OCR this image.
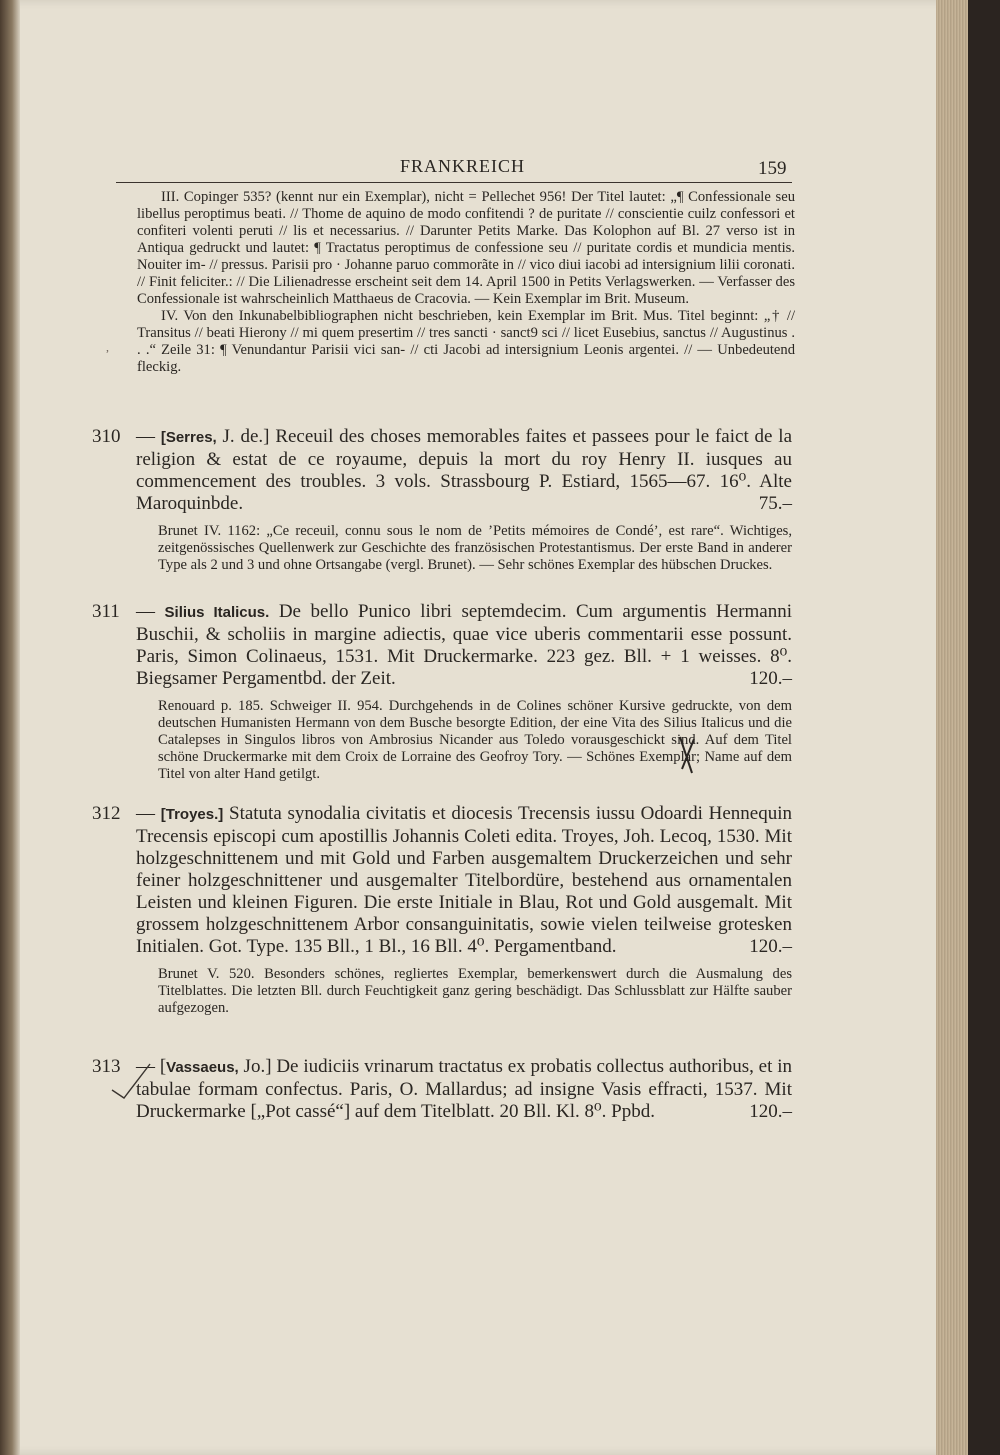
FRANKREICH	159

III. Copinger 535? (kennt nur ein Exemplar), nicht = Pellechet 956! Der Titel lautet: „¶ Confessionale seu libellus peroptimus beati. // Thome de aquino de modo confitendi ? de puritate // conscientie cuilz confessori et confiteri volenti peruti // lis et necessarius. // Darunter Petits Marke. Das Kolophon auf Bl. 27 verso ist in Antiqua gedruckt und lautet: ¶ Tractatus peroptimus de confessione seu // puritate cordis et mundicia mentis. Nouiter im- // pressus. Parisii pro · Johanne paruo commorãte in // vico diui iacobi ad intersignium lilii coronati. // Finit feliciter.: // Die Lilienadresse erscheint seit dem 14. April 1500 in Petits Verlagswerken. — Verfasser des Confessionale ist wahrscheinlich Matthaeus de Cracovia. — Kein Exemplar im Brit. Museum.

IV. Von den Inkunabelbibliographen nicht beschrieben, kein Exemplar im Brit. Mus. Titel beginnt: „† // Transitus // beati Hierony // mi quem presertim // tres sancti · sanct9 sci // licet Eusebius, sanctus // Augustinus . . .“ Zeile 31: ¶ Venundantur Parisii vici san- // cti Jacobi ad intersignium Leonis argentei. // — Unbedeutend fleckig.

,
310 — [Serres, J. de.] Receuil des choses memorables faites et passees pour le faict de la religion & estat de ce royaume, depuis la mort du roy Henry II. iusques au commencement des troubles. 3 vols. Strassbourg P. Estiard, 1565—67. 16⁰. Alte Maroquinbde.	75.–
Brunet IV. 1162: „Ce receuil, connu sous le nom de ’Petits mémoires de Condé’, est rare“. Wichtiges, zeitgenössisches Quellenwerk zur Geschichte des französischen Protestantismus. Der erste Band in anderer Type als 2 und 3 und ohne Ortsangabe (vergl. Brunet). — Sehr schönes Exemplar des hübschen Druckes.
311 — Silius Italicus. De bello Punico libri septemdecim. Cum argumentis Hermanni Buschii, & scholiis in margine adiectis, quae vice uberis commentarii esse possunt. Paris, Simon Colinaeus, 1531. Mit Druckermarke. 223 gez. Bll. + 1 weisses. 8⁰. Biegsamer Pergamentbd. der Zeit.	120.–
Renouard p. 185. Schweiger II. 954. Durchgehends in de Colines schöner Kursive gedruckte, von dem deutschen Humanisten Hermann von dem Busche besorgte Edition, der eine Vita des Silius Italicus und die Catalepses in Singulos libros von Ambrosius Nicander aus Toledo vorausgeschickt sind. Auf dem Titel schöne Druckermarke mit dem Croix de Lorraine des Geofroy Tory. — Schönes Exemplar; Name auf dem Titel von alter Hand getilgt.
312 — [Troyes.] Statuta synodalia civitatis et diocesis Trecensis iussu Odoardi Hennequin Trecensis episcopi cum apostillis Johannis Coleti edita. Troyes, Joh. Lecoq, 1530. Mit holzgeschnittenem und mit Gold und Farben ausgemaltem Druckerzeichen und sehr feiner holzgeschnittener und ausgemalter Titelbordüre, bestehend aus ornamentalen Leisten und kleinen Figuren. Die erste Initiale in Blau, Rot und Gold ausgemalt. Mit grossem holzgeschnittenem Arbor consanguinitatis, sowie vielen teilweise grotesken Initialen. Got. Type. 135 Bll., 1 Bl., 16 Bll. 4⁰. Pergamentband.	120.–
Brunet V. 520. Besonders schönes, regliertes Exemplar, bemerkenswert durch die Ausmalung des Titelblattes. Die letzten Bll. durch Feuchtigkeit ganz gering beschädigt. Das Schlussblatt zur Hälfte sauber aufgezogen.
313 — [Vassaeus, Jo.] De iudiciis vrinarum tractatus ex probatis collectus authoribus, et in tabulae formam confectus. Paris, O. Mallardus; ad insigne Vasis effracti, 1537. Mit Druckermarke [„Pot cassé“] auf dem Titelblatt. 20 Bll. Kl. 8⁰. Ppbd.	120.–
